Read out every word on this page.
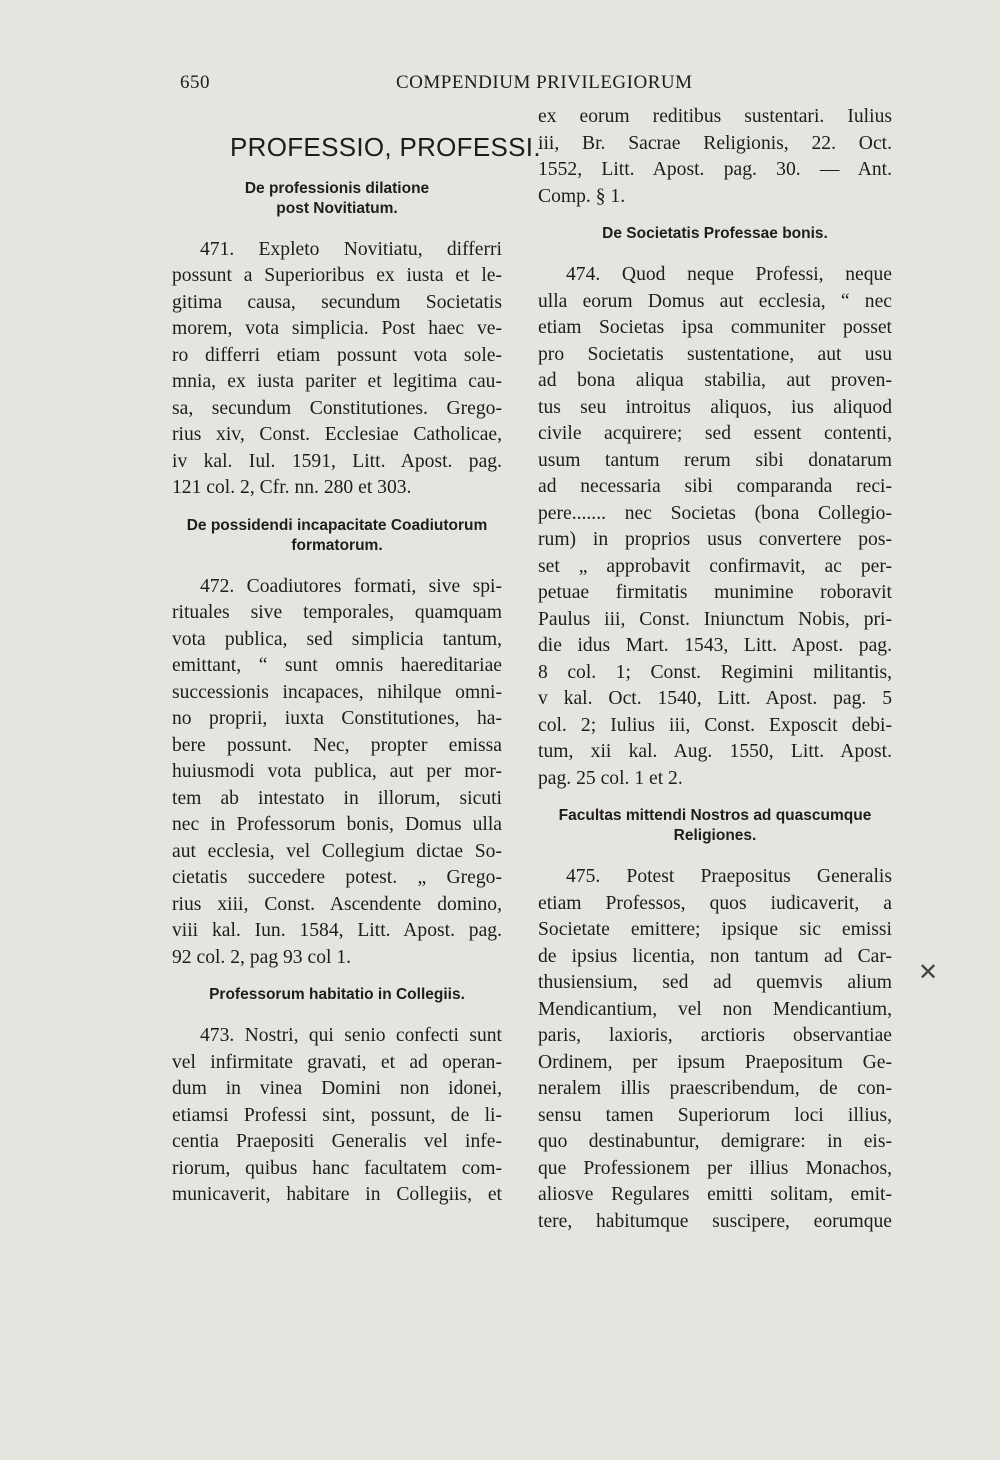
650	COMPENDIUM PRIVILEGIORUM
PROFESSIO, PROFESSI.
De professionis dilatione
post Novitiatum.
471. Expleto Novitiatu, differri
possunt a Superioribus ex iusta et le-
gitima causa, secundum Societatis
morem, vota simplicia. Post haec ve-
ro differri etiam possunt vota sole-
mnia, ex iusta pariter et legitima cau-
sa, secundum Constitutiones. Grego-
rius xiv, Const. Ecclesiae Catholicae,
iv kal. Iul. 1591, Litt. Apost. pag.
121 col. 2, Cfr. nn. 280 et 303.
De possidendi incapacitate Coadiutorum
formatorum.
472. Coadiutores formati, sive spi-
rituales sive temporales, quamquam
vota publica, sed simplicia tantum,
emittant, “ sunt omnis haereditariae
successionis incapaces, nihilque omni-
no proprii, iuxta Constitutiones, ha-
bere possunt. Nec, propter emissa
huiusmodi vota publica, aut per mor-
tem ab intestato in illorum, sicuti
nec in Professorum bonis, Domus ulla
aut ecclesia, vel Collegium dictae So-
cietatis succedere potest. „ Grego-
rius xiii, Const. Ascendente domino,
viii kal. Iun. 1584, Litt. Apost. pag.
92 col. 2, pag 93 col 1.
Professorum habitatio in Collegiis.
473. Nostri, qui senio confecti sunt
vel infirmitate gravati, et ad operan-
dum in vinea Domini non idonei,
etiamsi Professi sint, possunt, de li-
centia Praepositi Generalis vel infe-
riorum, quibus hanc facultatem com-
municaverit, habitare in Collegiis, et
ex eorum reditibus sustentari. Iulius
iii, Br. Sacrae Religionis, 22. Oct.
1552, Litt. Apost. pag. 30. — Ant.
Comp. § 1.
De Societatis Professae bonis.
474. Quod neque Professi, neque
ulla eorum Domus aut ecclesia, “ nec
etiam Societas ipsa communiter posset
pro Societatis sustentatione, aut usu
ad bona aliqua stabilia, aut proven-
tus seu introitus aliquos, ius aliquod
civile acquirere; sed essent contenti,
usum tantum rerum sibi donatarum
ad necessaria sibi comparanda reci-
pere....... nec Societas (bona Collegio-
rum) in proprios usus convertere pos-
set „ approbavit confirmavit, ac per-
petuae firmitatis munimine roboravit
Paulus iii, Const. Iniunctum Nobis, pri-
die idus Mart. 1543, Litt. Apost. pag.
8 col. 1; Const. Regimini militantis,
v kal. Oct. 1540, Litt. Apost. pag. 5
col. 2; Iulius iii, Const. Exposcit debi-
tum, xii kal. Aug. 1550, Litt. Apost.
pag. 25 col. 1 et 2.
Facultas mittendi Nostros ad quascumque
Religiones.
475. Potest Praepositus Generalis
etiam Professos, quos iudicaverit, a
Societate emittere; ipsique sic emissi
de ipsius licentia, non tantum ad Car-
thusiensium, sed ad quemvis alium
Mendicantium, vel non Mendicantium,
paris, laxioris, arctioris observantiae
Ordinem, per ipsum Praepositum Ge-
neralem illis praescribendum, de con-
sensu tamen Superiorum loci illius,
quo destinabuntur, demigrare: in eis-
que Professionem per illius Monachos,
aliosve Regulares emitti solitam, emit-
tere, habitumque suscipere, eorumque
✕
